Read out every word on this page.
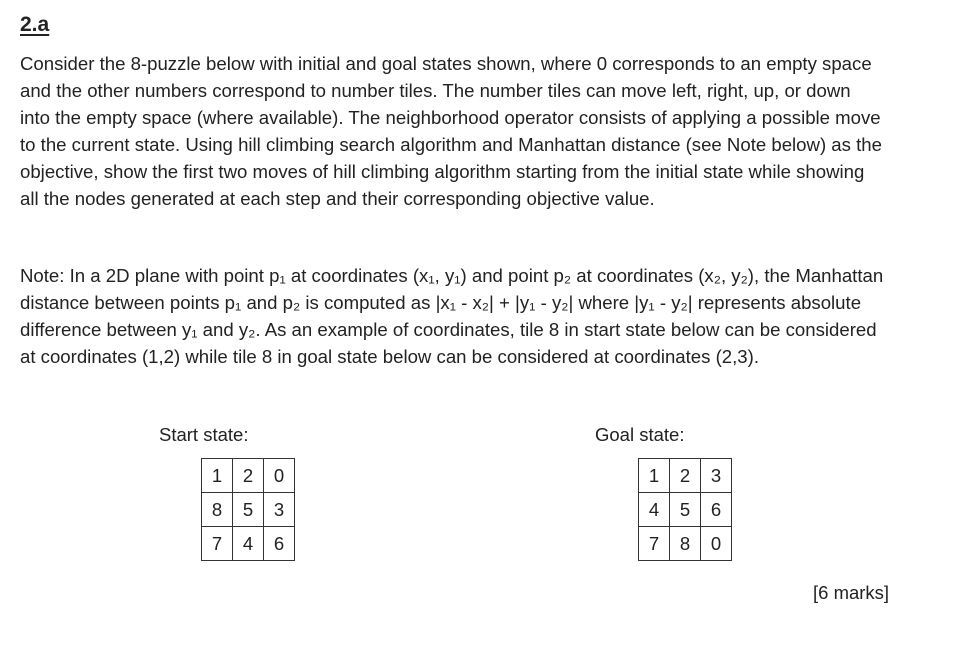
2.a

Consider the 8-puzzle below with initial and goal states shown, where 0 corresponds to an empty space
and the other numbers correspond to number tiles. The number tiles can move left, right, up, or down
into the empty space (where available). The neighborhood operator consists of applying a possible move
to the current state. Using hill climbing search algorithm and Manhattan distance (see Note below) as the
objective, show the first two moves of hill climbing algorithm starting from the initial state while showing
all the nodes generated at each step and their corresponding objective value.

Note: In a 2D plane with point p₁ at coordinates (x₁, y₁) and point p₂ at coordinates (x₂, y₂), the Manhattan
distance between points p₁ and p₂ is computed as |x₁ - x₂| + |y₁ - y₂| where |y₁ - y₂| represents absolute
difference between y₁ and y₂. As an example of coordinates, tile 8 in start state below can be considered
at coordinates (1,2) while tile 8 in goal state below can be considered at coordinates (2,3).

Start state:
1	2	0
8	5	3
7	4	6
Goal state:
1	2	3
4	5	6
7	8	0
[6 marks]
